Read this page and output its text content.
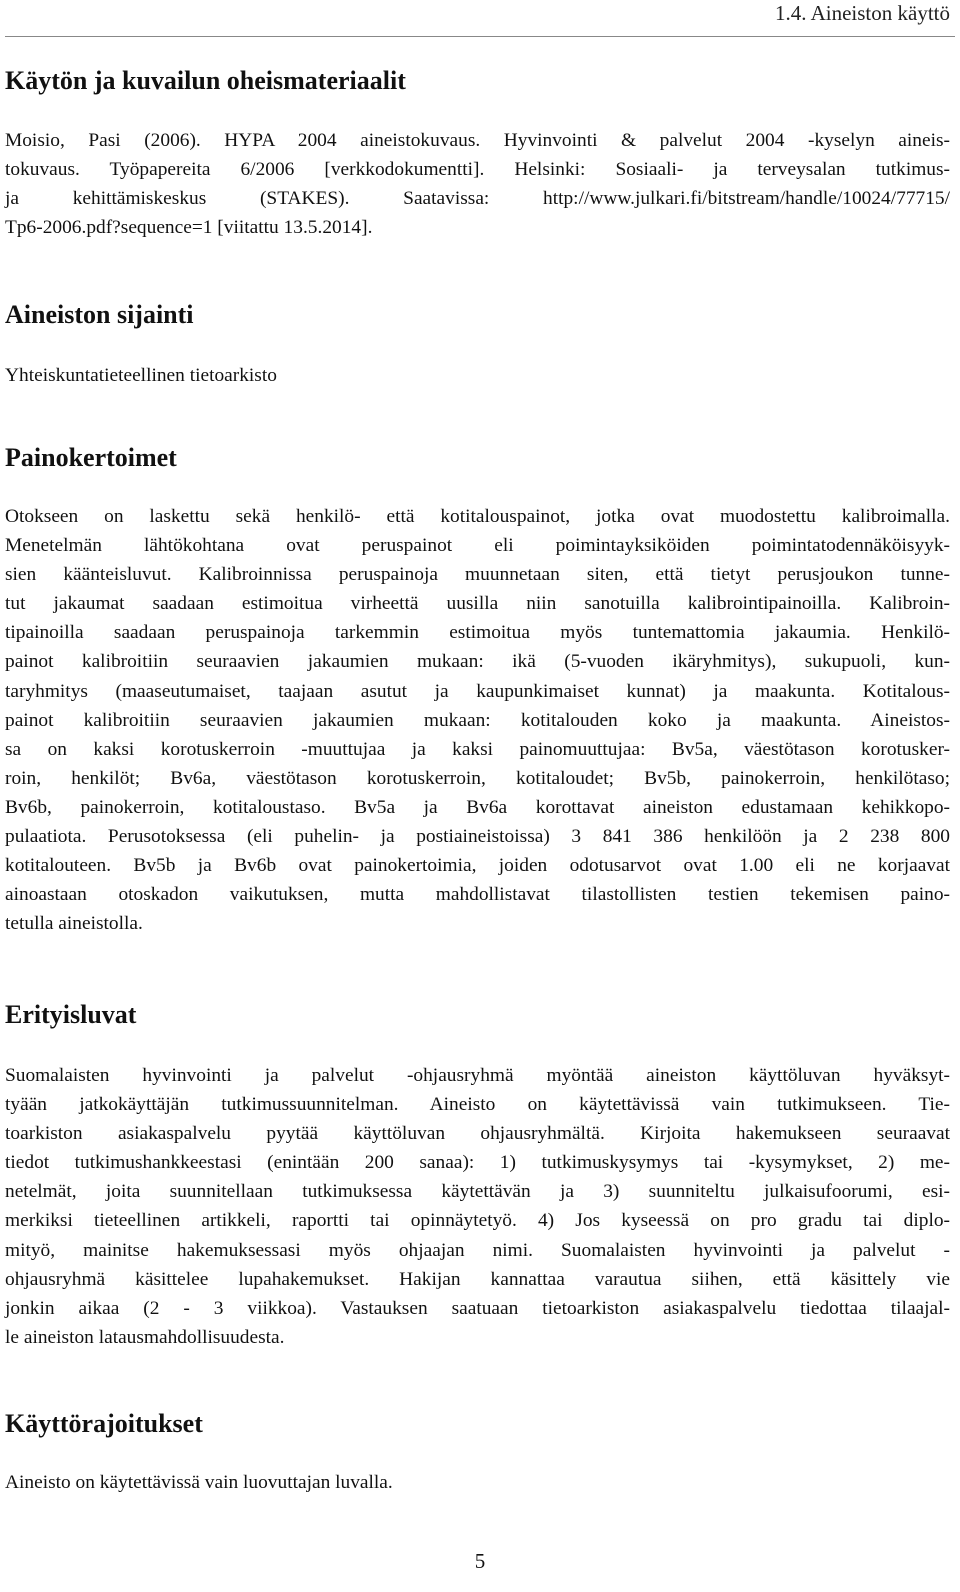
1.4. Aineiston käyttö
Käytön ja kuvailun oheismateriaalit
Moisio, Pasi (2006). HYPA 2004 aineistokuvaus. Hyvinvointi & palvelut 2004 -kyselyn aineis-
tokuvaus. Työpapereita 6/2006 [verkkodokumentti]. Helsinki: Sosiaali- ja terveysalan tutkimus-
ja kehittämiskeskus (STAKES). Saatavissa: http://www.julkari.fi/bitstream/handle/10024/77715/
Tp6-2006.pdf?sequence=1 [viitattu 13.5.2014].
Aineiston sijainti
Yhteiskuntatieteellinen tietoarkisto
Painokertoimet
Otokseen on laskettu sekä henkilö- että kotitalouspainot, jotka ovat muodostettu kalibroimalla.
Menetelmän lähtökohtana ovat peruspainot eli poimintayksiköiden poimintatodennäköisyyk-
sien käänteisluvut. Kalibroinnissa peruspainoja muunnetaan siten, että tietyt perusjoukon tunne-
tut jakaumat saadaan estimoitua virheettä uusilla niin sanotuilla kalibrointipainoilla. Kalibroin-
tipainoilla saadaan peruspainoja tarkemmin estimoitua myös tuntemattomia jakaumia. Henkilö-
painot kalibroitiin seuraavien jakaumien mukaan: ikä (5-vuoden ikäryhmitys), sukupuoli, kun-
taryhmitys (maaseutumaiset, taajaan asutut ja kaupunkimaiset kunnat) ja maakunta. Kotitalous-
painot kalibroitiin seuraavien jakaumien mukaan: kotitalouden koko ja maakunta. Aineistos-
sa on kaksi korotuskerroin -muuttujaa ja kaksi painomuuttujaa: Bv5a, väestötason korotusker-
roin, henkilöt; Bv6a, väestötason korotuskerroin, kotitaloudet; Bv5b, painokerroin, henkilötaso;
Bv6b, painokerroin, kotitaloustaso. Bv5a ja Bv6a korottavat aineiston edustamaan kehikkopo-
pulaatiota. Perusotoksessa (eli puhelin- ja postiaineistoissa) 3 841 386 henkilöön ja 2 238 800
kotitalouteen. Bv5b ja Bv6b ovat painokertoimia, joiden odotusarvot ovat 1.00 eli ne korjaavat
ainoastaan otoskadon vaikutuksen, mutta mahdollistavat tilastollisten testien tekemisen paino-
tetulla aineistolla.
Erityisluvat
Suomalaisten hyvinvointi ja palvelut -ohjausryhmä myöntää aineiston käyttöluvan hyväksyt-
tyään jatkokäyttäjän tutkimussuunnitelman. Aineisto on käytettävissä vain tutkimukseen. Tie-
toarkiston asiakaspalvelu pyytää käyttöluvan ohjausryhmältä. Kirjoita hakemukseen seuraavat
tiedot tutkimushankkeestasi (enintään 200 sanaa): 1) tutkimuskysymys tai -kysymykset, 2) me-
netelmät, joita suunnitellaan tutkimuksessa käytettävän ja 3) suunniteltu julkaisufoorumi, esi-
merkiksi tieteellinen artikkeli, raportti tai opinnäytetyö. 4) Jos kyseessä on pro gradu tai diplo-
mityö, mainitse hakemuksessasi myös ohjaajan nimi. Suomalaisten hyvinvointi ja palvelut -
ohjausryhmä käsittelee lupahakemukset. Hakijan kannattaa varautua siihen, että käsittely vie
jonkin aikaa (2 - 3 viikkoa). Vastauksen saatuaan tietoarkiston asiakaspalvelu tiedottaa tilaajal-
le aineiston latausmahdollisuudesta.
Käyttörajoitukset
Aineisto on käytettävissä vain luovuttajan luvalla.
5
